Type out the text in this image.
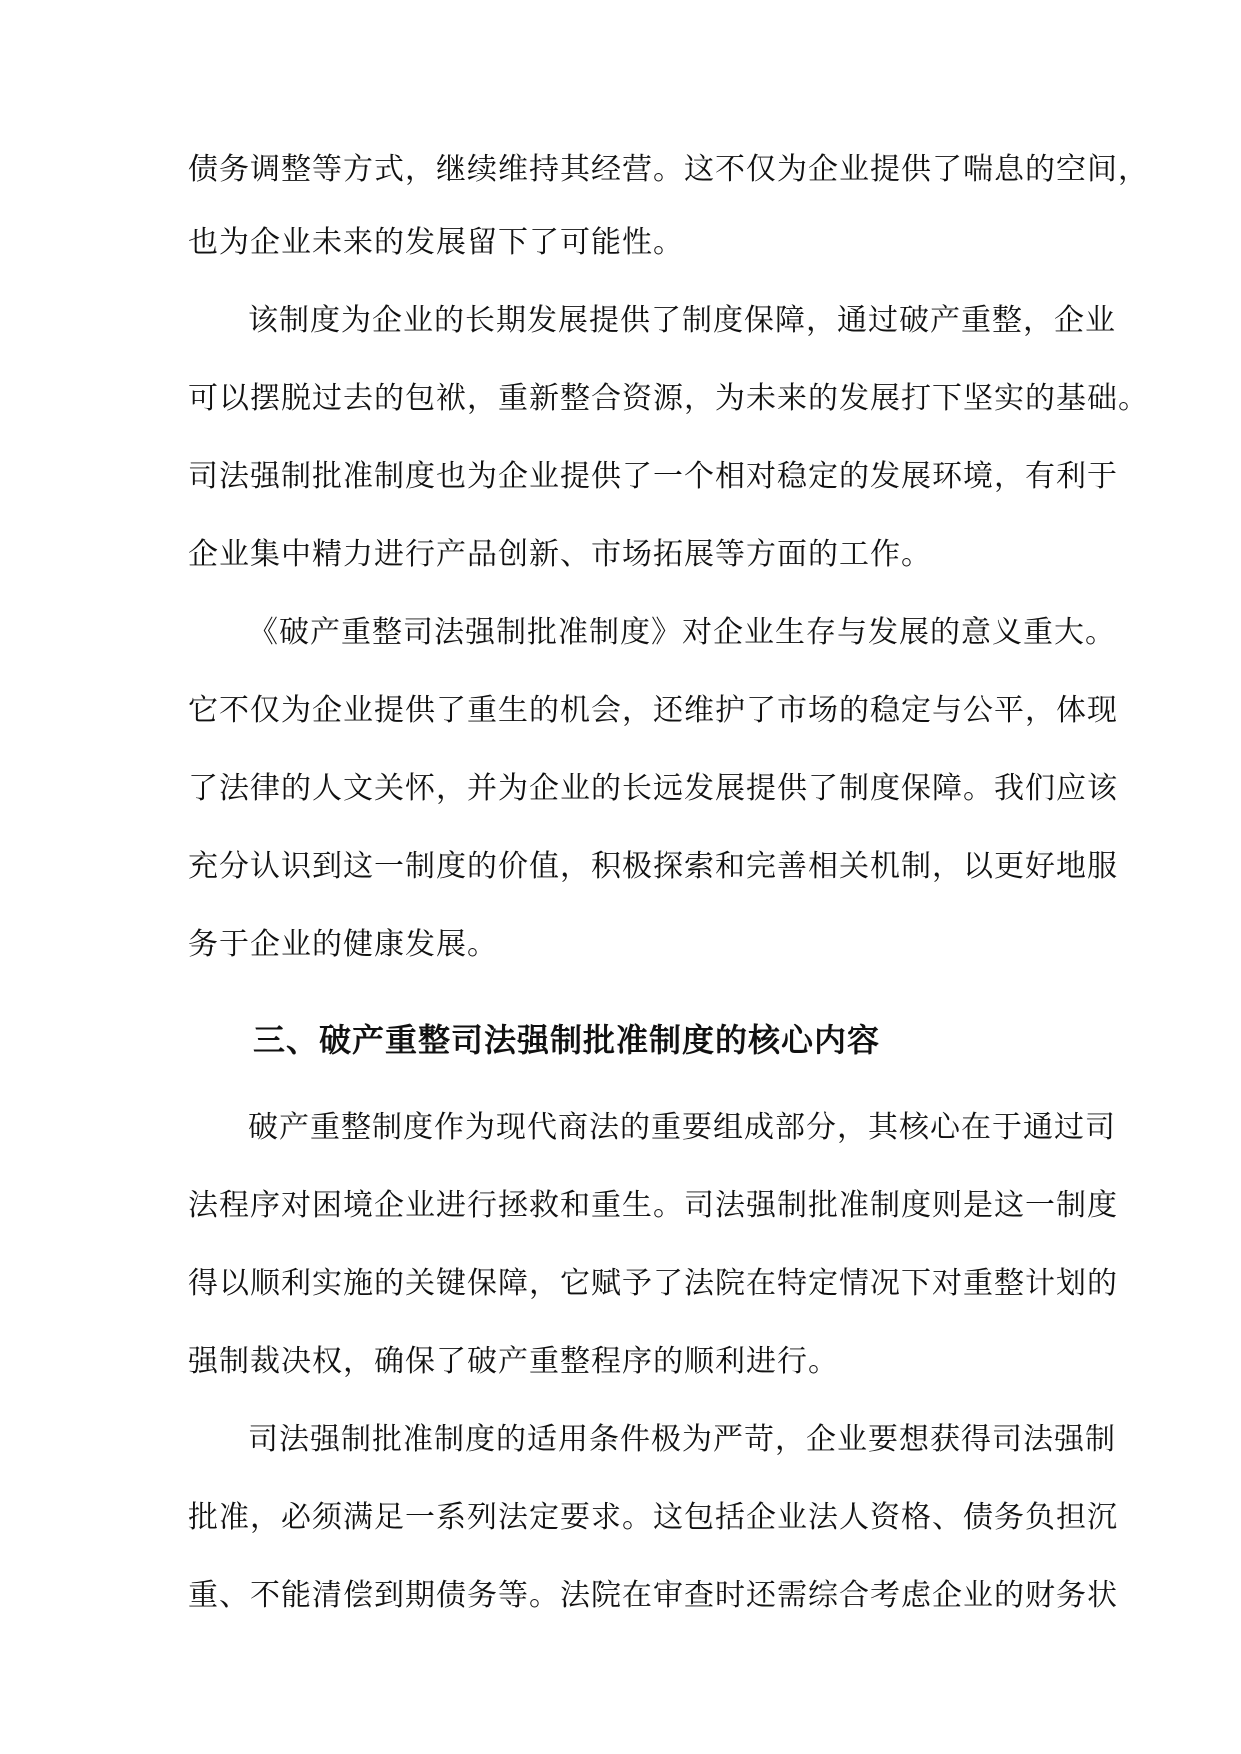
债务调整等方式，继续维持其经营。这不仅为企业提供了喘息的空间，
也为企业未来的发展留下了可能性。
该制度为企业的长期发展提供了制度保障，通过破产重整，企业
可以摆脱过去的包袱，重新整合资源，为未来的发展打下坚实的基础。
司法强制批准制度也为企业提供了一个相对稳定的发展环境，有利于
企业集中精力进行产品创新、市场拓展等方面的工作。
《破产重整司法强制批准制度》对企业生存与发展的意义重大。
它不仅为企业提供了重生的机会，还维护了市场的稳定与公平，体现
了法律的人文关怀，并为企业的长远发展提供了制度保障。我们应该
充分认识到这一制度的价值，积极探索和完善相关机制，以更好地服
务于企业的健康发展。
三、破产重整司法强制批准制度的核心内容
破产重整制度作为现代商法的重要组成部分，其核心在于通过司
法程序对困境企业进行拯救和重生。司法强制批准制度则是这一制度
得以顺利实施的关键保障，它赋予了法院在特定情况下对重整计划的
强制裁决权，确保了破产重整程序的顺利进行。
司法强制批准制度的适用条件极为严苛，企业要想获得司法强制
批准，必须满足一系列法定要求。这包括企业法人资格、债务负担沉
重、不能清偿到期债务等。法院在审查时还需综合考虑企业的财务状
